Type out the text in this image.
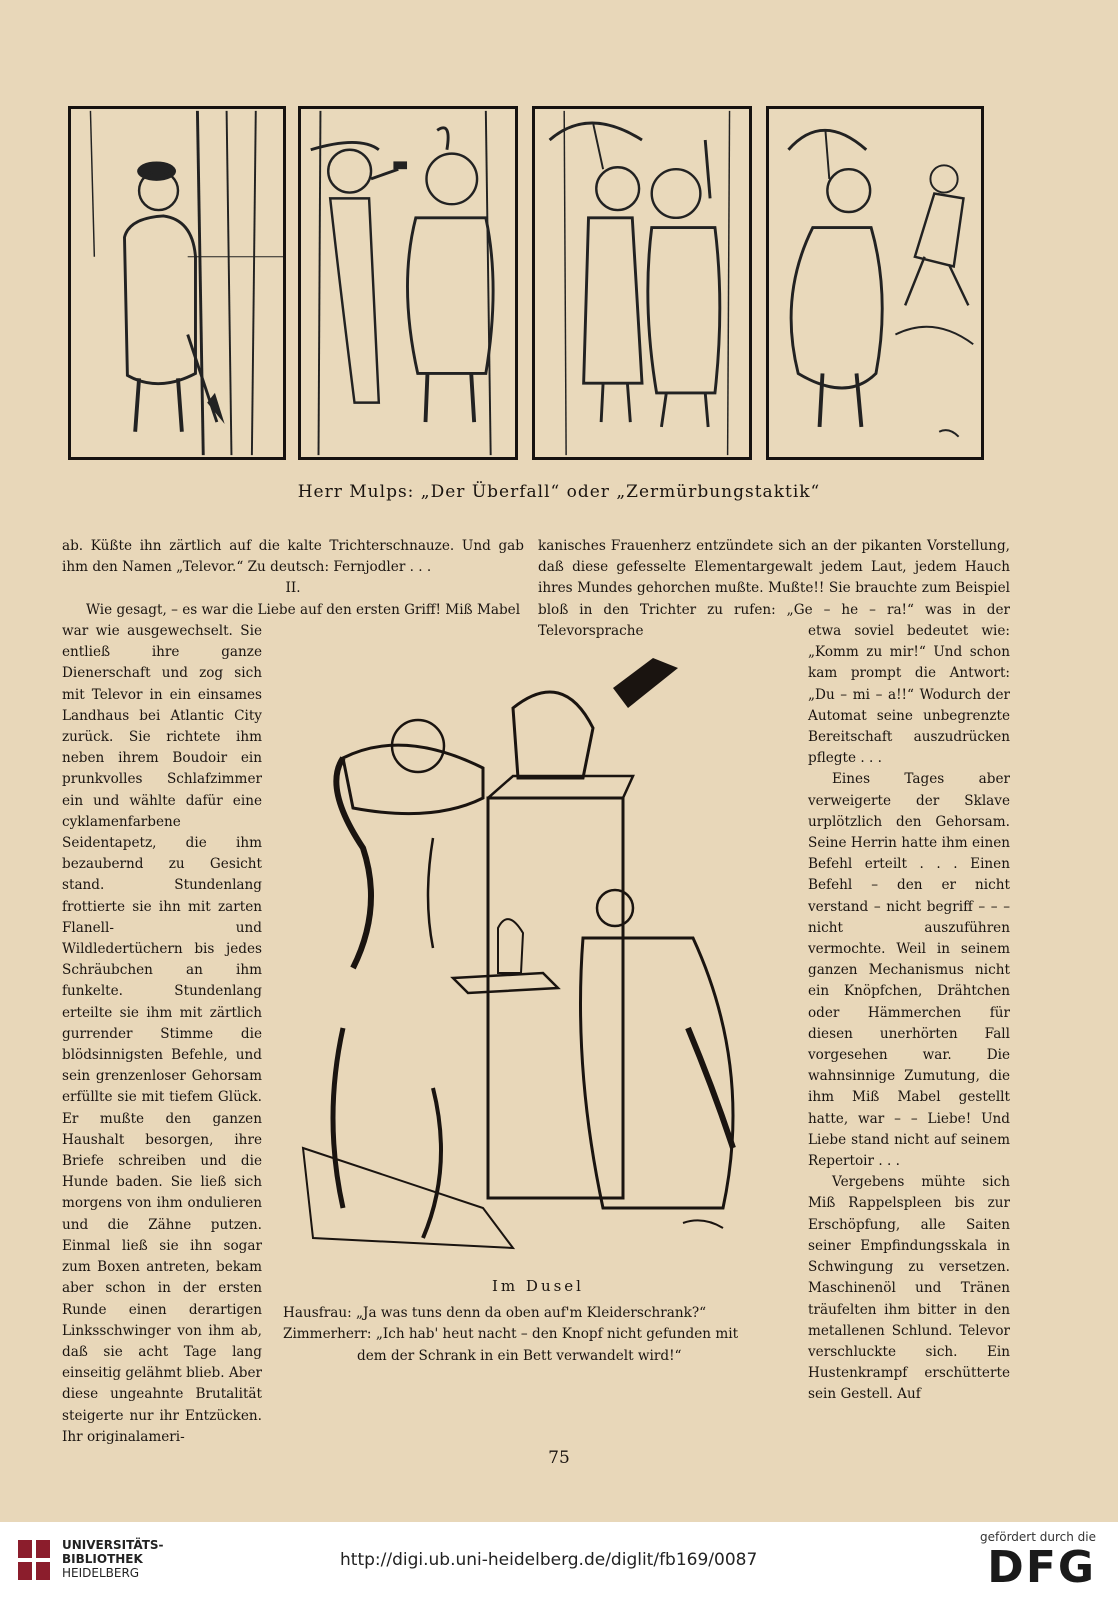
Herr Mulps: „Der Überfall“ oder „Zermürbungstaktik“

ab. Küßte ihn zärtlich auf die kalte Trichterschnauze. Und gab ihm den Namen „Televor.“ Zu deutsch: Fernjodler . . .

II.

Wie gesagt, – es war die Liebe auf den ersten Griff! Miß Mabel

war wie ausgewechselt. Sie entließ ihre ganze Dienerschaft und zog sich mit Televor in ein einsames Landhaus bei Atlantic City zurück. Sie richtete ihm neben ihrem Boudoir ein prunkvolles Schlafzimmer ein und wählte dafür eine cyklamenfarbene Seidentapetz, die ihm bezaubernd zu Gesicht stand. Stundenlang frottierte sie ihn mit zarten Flanell- und Wildledertüchern bis jedes Schräubchen an ihm funkelte. Stundenlang erteilte sie ihm mit zärtlich gurrender Stimme die blödsinnigsten Befehle, und sein grenzenloser Gehorsam erfüllte sie mit tiefem Glück. Er mußte den ganzen Haushalt besorgen, ihre Briefe schreiben und die Hunde baden. Sie ließ sich morgens von ihm ondulieren und die Zähne putzen. Einmal ließ sie ihn sogar zum Boxen antreten, bekam aber schon in der ersten Runde einen derartigen Linksschwinger von ihm ab, daß sie acht Tage lang einseitig gelähmt blieb. Aber diese ungeahnte Brutalität steigerte nur ihr Entzücken. Ihr originalameri-

kanisches Frauenherz entzündete sich an der pikanten Vorstellung, daß diese gefesselte Elementargewalt jedem Laut, jedem Hauch ihres Mundes gehorchen mußte. Mußte!! Sie brauchte zum Beispiel bloß in den Trichter zu rufen: „Ge – he – ra!“ was in der Televorsprache	etwa soviel bedeutet wie: „Komm zu mir!“ Und schon kam prompt die Antwort: „Du – mi – a!!“ Wodurch der Automat seine unbegrenzte Bereitschaft auszudrücken pflegte . . .

Eines Tages aber verweigerte der Sklave urplötzlich den Gehorsam. Seine Herrin hatte ihm einen Befehl erteilt . . . Einen Befehl – den er nicht verstand – nicht begriff – – – nicht auszuführen vermochte. Weil in seinem ganzen Mechanismus nicht ein Knöpfchen, Drähtchen oder Hämmerchen für diesen unerhörten Fall vorgesehen war. Die wahnsinnige Zumutung, die ihm Miß Mabel gestellt hatte, war – – Liebe! Und Liebe stand nicht auf seinem Repertoir . . .

Vergebens mühte sich Miß Rappelspleen bis zur Erschöpfung, alle Saiten seiner Empfindungsskala in Schwingung zu versetzen. Maschinenöl und Tränen träufelten ihm bitter in den metallenen Schlund. Televor verschluckte sich. Ein Hustenkrampf erschütterte sein Gestell. Auf

Im Dusel
Hausfrau: „Ja was tuns denn da oben auf'm Kleiderschrank?“
Zimmerherr: „Ich hab' heut nacht – den Knopf nicht gefunden mit
dem der Schrank in ein Bett verwandelt wird!“
75
UNIVERSITÄTS-
BIBLIOTHEK
HEIDELBERG
http://digi.ub.uni-heidelberg.de/diglit/fb169/0087
gefördert durch die
DFG
